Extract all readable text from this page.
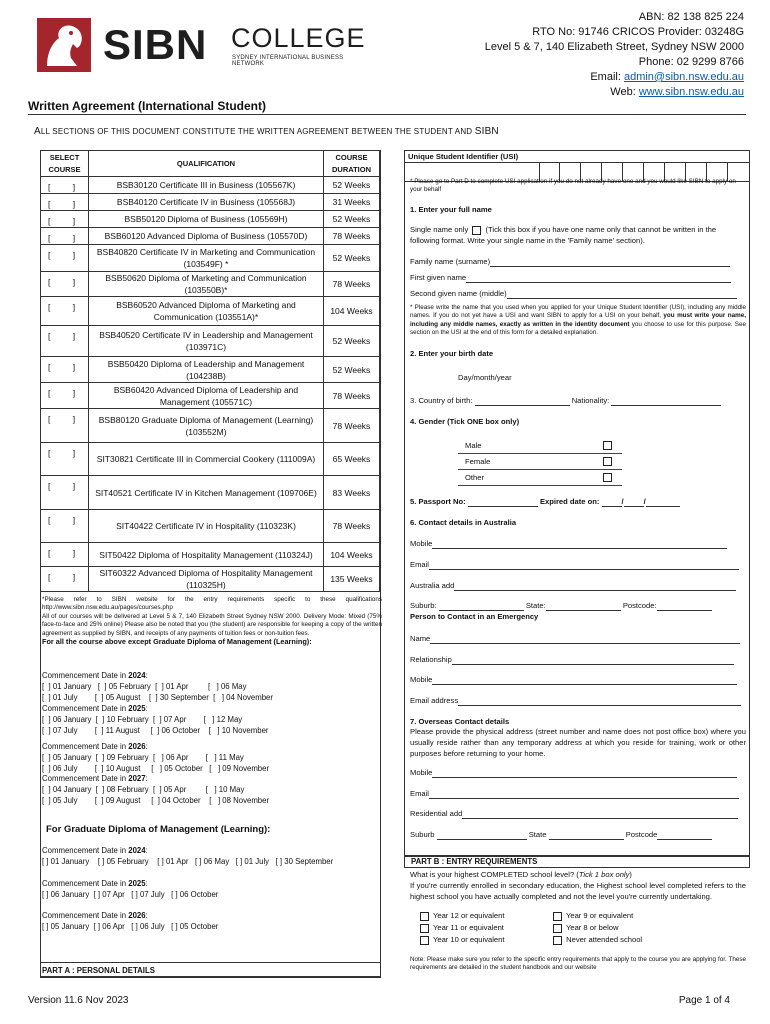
SIBN COLLEGE
SYDNEY INTERNATIONAL BUSINESS NETWORK
ABN: 82 138 825 224
RTO No: 91746 CRICOS Provider: 03248G
Level 5 & 7, 140 Elizabeth Street, Sydney NSW 2000
Phone: 02 9299 8766
Email: admin@sibn.nsw.edu.au
Web: www.sibn.nsw.edu.au
Written Agreement (International Student)
ALL SECTIONS OF THIS DOCUMENT CONSTITUTE THE WRITTEN AGREEMENT BETWEEN THE STUDENT AND SIBN
SELECT COURSE	QUALIFICATION	COURSE DURATION
[ ]	BSB30120 Certificate III in Business (105567K)	52 Weeks
[ ]	BSB40120 Certificate IV in Business (105568J)	31 Weeks
[ ]	BSB50120 Diploma of Business (105569H)	52 Weeks
[ ]	BSB60120 Advanced Diploma of Business (105570D)	78 Weeks
[ ]	BSB40820 Certificate IV in Marketing and Communication (103549F) *	52 Weeks
[ ]	BSB50620 Diploma of Marketing and Communication (103550B)*	78 Weeks
[ ]	BSB60520 Advanced Diploma of Marketing and Communication (103551A)*	104 Weeks
[ ]	BSB40520 Certificate IV in Leadership and Management (103971C)	52 Weeks
[ ]	BSB50420 Diploma of Leadership and Management (104238B)	52 Weeks
[ ]	BSB60420 Advanced Diploma of Leadership and Management (105571C)	78 Weeks
[ ]	BSB80120 Graduate Diploma of Management (Learning) (103552M)	78 Weeks
[ ]	SIT30821 Certificate III in Commercial Cookery (111009A)	65 Weeks
[ ]	SIT40521 Certificate IV in Kitchen Management (109706E)	83 Weeks
[ ]	SIT40422 Certificate IV in Hospitality (110323K)	78 Weeks
[ ]	SIT50422 Diploma of Hospitality Management (110324J)	104 Weeks
[ ]	SIT60322 Advanced Diploma of Hospitality Management (110325H)	135 Weeks
*Please refer to SIBN website for the entry requirements specific to these qualifications http://www.sibn.nsw.edu.au/pages/courses.php
All of our courses will be delivered at Level 5 & 7, 140 Elizabeth Street Sydney NSW 2000. Delivery Mode: Mixed (75% face-to-face and 25% online) Please also be noted that you (the student) are responsible for keeping a copy of the written agreement as supplied by SIBN, and receipts of any payments of tuition fees or non-tuition fees.
For all the course above except Graduate Diploma of Management (Learning):
Commencement Date in 2024:
[  ] 01 January   [  ] 05 February  [  ] 01 Apr         [   ] 06 May
[  ] 01 July        [  ] 05 August    [  ] 30 September  [   ] 04 November
Commencement Date in 2025:
[  ] 06 January  [  ] 10 February  [  ] 07 Apr        [   ] 12 May
[  ] 07 July        [  ] 11 August     [  ] 06 October    [   ] 10 November
Commencement Date in 2026:
[  ] 05 January  [  ] 09 February  [   ] 06 Apr        [   ] 11 May
[  ] 06 July        [  ] 10 August     [   ] 05 October   [   ] 09 November
Commencement Date in 2027:
[  ] 04 January  [  ] 08 February  [  ] 05 Apr         [   ] 10 May
[  ] 05 July        [  ] 09 August     [  ] 04 October    [   ] 08 November
For Graduate Diploma of Management (Learning):
Commencement Date in 2024:
[ ] 01 January    [ ] 05 February    [ ] 01 Apr   [ ] 06 May   [ ] 01 July   [ ] 30 September
Commencement Date in 2025:
[ ] 06 January  [ ] 07 Apr   [ ] 07 July   [ ] 06 October
Commencement Date in 2026:
[ ] 05 January  [ ] 06 Apr   [ ] 06 July   [ ] 05 October
PART A : PERSONAL DETAILS
Unique Student Identifier (USI)
* Please go to Part D to complete USI application if you do not already have one and you would like SIBN to apply on your behalf
1. Enter your full name
Single name only (Tick this box if you have one name only that cannot be written in the following format. Write your single name in the 'Family name' section).
Family name (surname)
First given name
Second given name (middle)
* Please write the name that you used when you applied for your Unique Student Identifier (USI), including any middle names. If you do not yet have a USI and want SIBN to apply for a USI on your behalf, you must write your name, including any middle names, exactly as written in the identity document you choose to use for this purpose. See section on the USI at the end of this form for a detailed explanation.
2. Enter your birth date
Day/month/year
3. Country of birth:	Nationality:
4. Gender (Tick ONE box only)
Male
Female
Other
5. Passport No:	Expired date on:	/	/
6. Contact details in Australia
Mobile
Email
Australia add
Suburb:	State:	Postcode:
Person to Contact in an Emergency
Name
Relationship
Mobile
Email address
7. Overseas Contact details
Please provide the physical address (street number and name does not post office box) where you usually reside rather than any temporary address at which you reside for training, work or other purposes before returning to your home.
Mobile
Email
Residential add
Suburb	State	Postcode
PART B : ENTRY REQUIREMENTS
What is your highest COMPLETED school level? (Tick 1 box only)
If you're currently enrolled in secondary education, the Highest school level completed refers to the highest school you have actually completed and not the level you're currently undertaking.
Year 12 or equivalent
Year 11 or equivalent
Year 10 or equivalent
Year 9 or equivalent
Year 8 or below
Never attended school
Note: Please make sure you refer to the specific entry requirements that apply to the course you are applying for. These requirements are detailed in the student handbook and our website
Version 11.6 Nov 2023	Page 1 of 4
